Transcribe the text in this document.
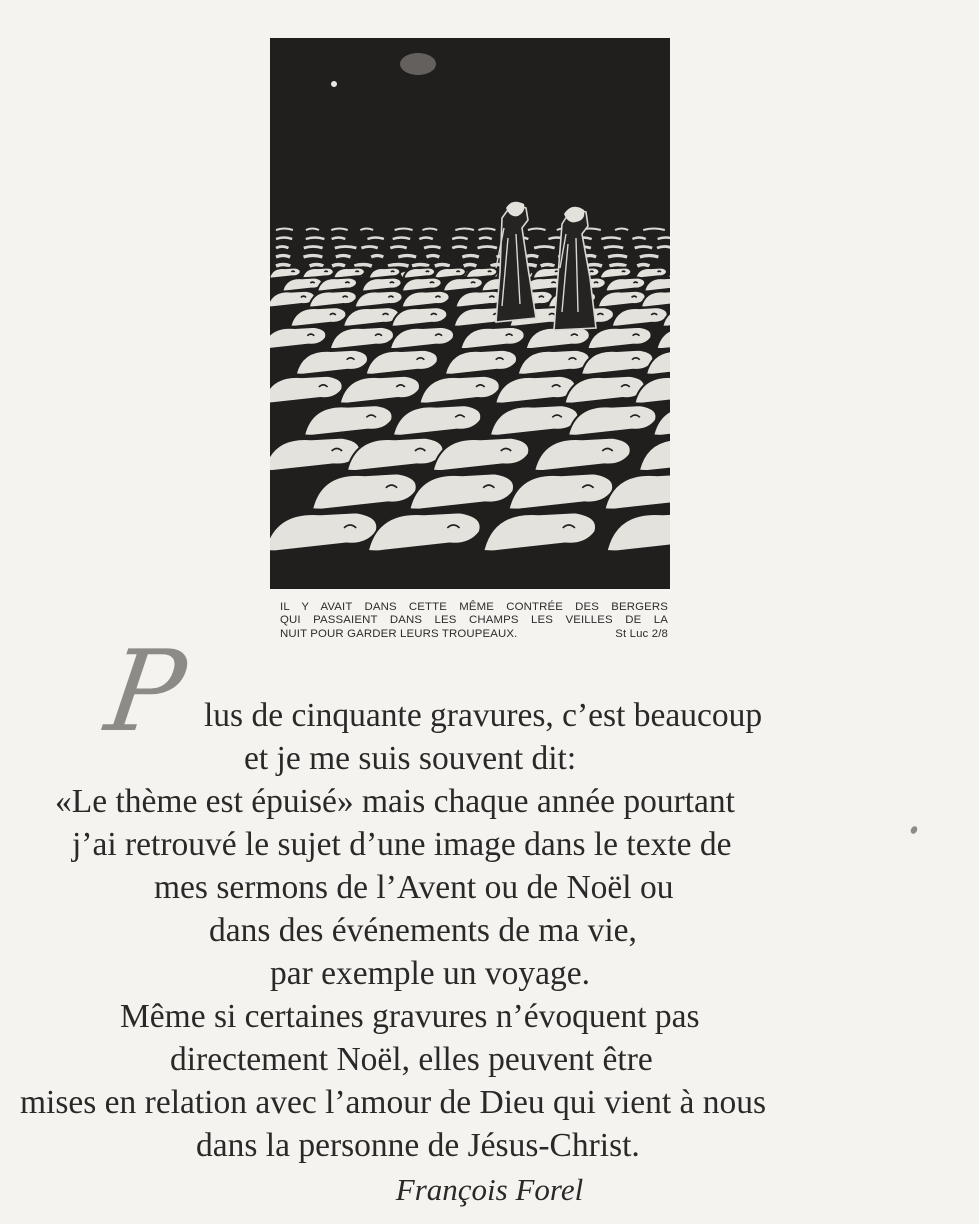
IL Y AVAIT DANS CETTE MÊME CONTRÉE DES BERGERS
QUI PASSAIENT DANS LES CHAMPS LES VEILLES DE LA
NUIT POUR GARDER LEURS TROUPEAUX.	St Luc 2/8
P lus de cinquante gravures, c’est beaucoup
et je me suis souvent dit:
«Le thème est épuisé» mais chaque année pourtant
j’ai retrouvé le sujet d’une image dans le texte de
mes sermons de l’Avent ou de Noël ou
dans des événements de ma vie,
par exemple un voyage.
Même si certaines gravures n’évoquent pas
directement Noël, elles peuvent être
mises en relation avec l’amour de Dieu qui vient à nous
dans la personne de Jésus-Christ.
François Forel
